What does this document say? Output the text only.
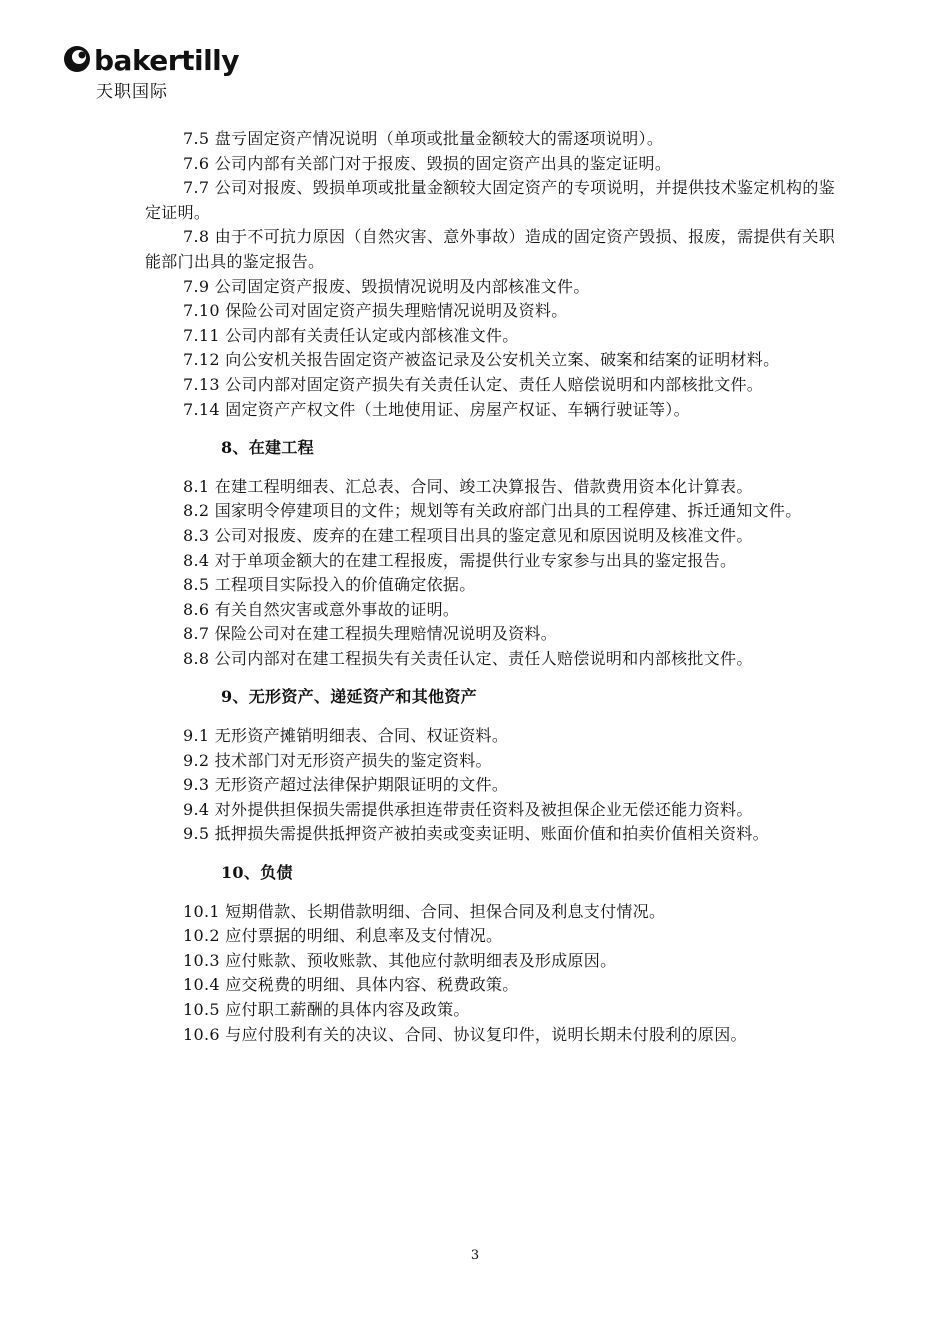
bakertilly
天职国际

7.5 盘亏固定资产情况说明（单项或批量金额较大的需逐项说明）。

7.6 公司内部有关部门对于报废、毁损的固定资产出具的鉴定证明。

7.7 公司对报废、毁损单项或批量金额较大固定资产的专项说明，并提供技术鉴定机构的鉴定证明。

7.8 由于不可抗力原因（自然灾害、意外事故）造成的固定资产毁损、报废，需提供有关职能部门出具的鉴定报告。

7.9 公司固定资产报废、毁损情况说明及内部核准文件。

7.10 保险公司对固定资产损失理赔情况说明及资料。

7.11 公司内部有关责任认定或内部核准文件。

7.12 向公安机关报告固定资产被盗记录及公安机关立案、破案和结案的证明材料。

7.13 公司内部对固定资产损失有关责任认定、责任人赔偿说明和内部核批文件。

7.14 固定资产产权文件（土地使用证、房屋产权证、车辆行驶证等）。

8、在建工程

8.1 在建工程明细表、汇总表、合同、竣工决算报告、借款费用资本化计算表。

8.2 国家明令停建项目的文件；规划等有关政府部门出具的工程停建、拆迁通知文件。

8.3 公司对报废、废弃的在建工程项目出具的鉴定意见和原因说明及核准文件。

8.4 对于单项金额大的在建工程报废，需提供行业专家参与出具的鉴定报告。

8.5 工程项目实际投入的价值确定依据。

8.6 有关自然灾害或意外事故的证明。

8.7 保险公司对在建工程损失理赔情况说明及资料。

8.8 公司内部对在建工程损失有关责任认定、责任人赔偿说明和内部核批文件。

9、无形资产、递延资产和其他资产

9.1 无形资产摊销明细表、合同、权证资料。

9.2 技术部门对无形资产损失的鉴定资料。

9.3 无形资产超过法律保护期限证明的文件。

9.4 对外提供担保损失需提供承担连带责任资料及被担保企业无偿还能力资料。

9.5 抵押损失需提供抵押资产被拍卖或变卖证明、账面价值和拍卖价值相关资料。

10、负债

10.1 短期借款、长期借款明细、合同、担保合同及利息支付情况。

10.2 应付票据的明细、利息率及支付情况。

10.3 应付账款、预收账款、其他应付款明细表及形成原因。

10.4 应交税费的明细、具体内容、税费政策。

10.5 应付职工薪酬的具体内容及政策。

10.6 与应付股利有关的决议、合同、协议复印件，说明长期未付股利的原因。

3
